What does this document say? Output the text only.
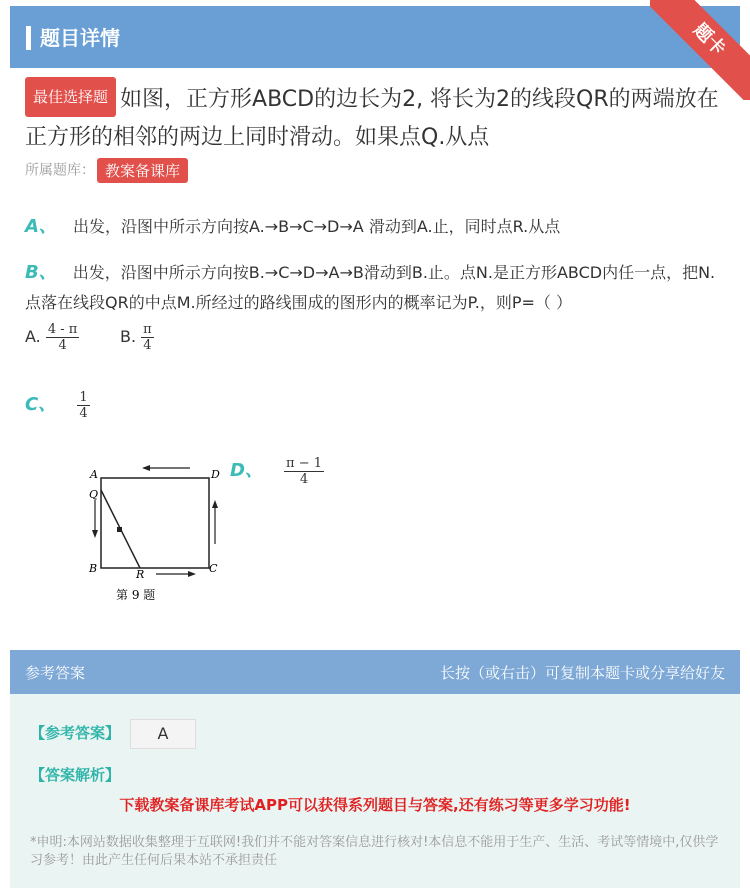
题目详情	题卡
最佳选择题 如图，正方形ABCD的边长为2, 将长为2的线段QR的两端放在正方形的相邻的两边上同时滑动。如果点Q.从点
所属题库： 教案备课库
A、 出发，沿图中所示方向按A.→B→C→D→A 滑动到A.止，同时点R.从点
B、 出发，沿图中所示方向按B.→C→D→A→B滑动到B.止。点N.是正方形ABCD内任一点，把N.点落在线段QR的中点M.所经过的路线围成的图形内的概率记为P.，则P=（ ）
A. $\frac{4 - \pi}{4}$	B. $\frac{\pi}{4}$
C、 $\frac{1}{4}$
D、 $\frac{\pi - 1}{4}$
A	D
Q
B	R	C
第 9 题
参考答案	长按（或右击）可复制本题卡或分享给好友
【参考答案】	A
【答案解析】
下载教案备课库考试APP可以获得系列题目与答案,还有练习等更多学习功能!
*申明:本网站数据收集整理于互联网!我们并不能对答案信息进行核对!本信息不能用于生产、生活、考试等情境中,仅供学习参考！由此产生任何后果本站不承担责任
